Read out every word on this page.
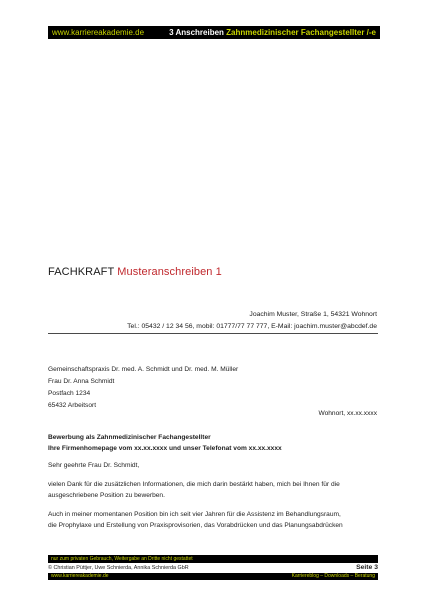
www.karriereakademie.de	3 Anschreiben Zahnmedizinischer Fachangestellter /-e
FACHKRAFT Musteranschreiben 1
Joachim Muster, Straße 1, 54321 Wohnort
Tel.: 05432 / 12 34 56, mobil: 01777/77 77 777, E-Mail: joachim.muster@abcdef.de
Gemeinschaftspraxis Dr. med. A. Schmidt und Dr. med. M. Müller
Frau Dr. Anna Schmidt
Postfach 1234
65432 Arbeitsort
Wohnort, xx.xx.xxxx
Bewerbung als Zahnmedizinischer Fachangestellter
Ihre Firmenhomepage vom xx.xx.xxxx und unser Telefonat vom xx.xx.xxxx
Sehr geehrte Frau Dr. Schmidt,
vielen Dank für die zusätzlichen Informationen, die mich darin bestärkt haben, mich bei Ihnen für die
ausgeschriebene Position zu bewerben.
Auch in meiner momentanen Position bin ich seit vier Jahren für die Assistenz im Behandlungsraum,
die Prophylaxe und Erstellung von Praxisprovisorien, das Vorabdrücken und das Planungsabdrücken
nur zum privaten Gebrauch, Weitergabe an Dritte nicht gestattet
© Christian Püttjer, Uwe Schnierda, Annika Schnierda GbR	Seite 3
www.karriereakademie.de	Karriereblog – Downloads – Beratung
